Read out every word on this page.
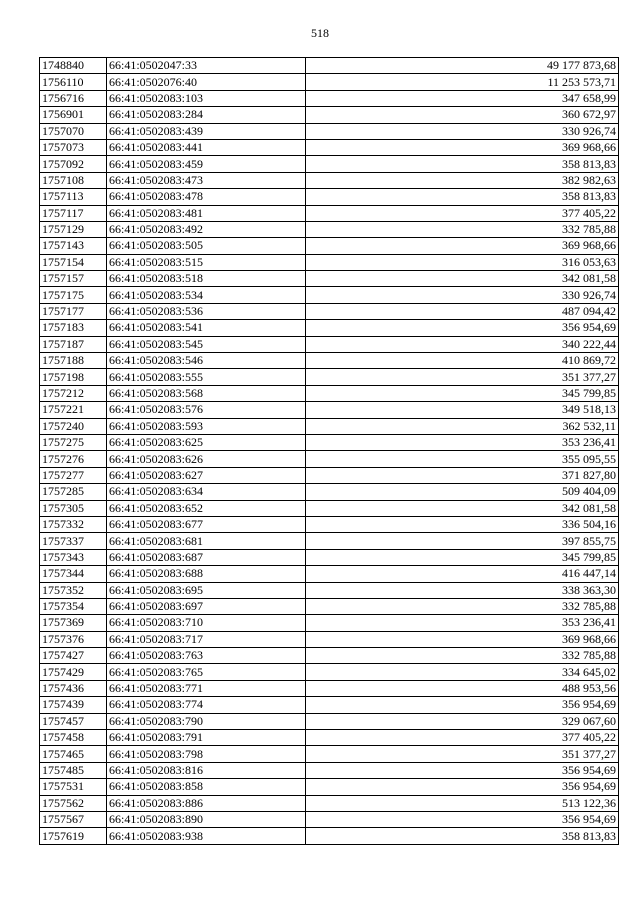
518
1748840	66:41:0502047:33	49 177 873,68
1756110	66:41:0502076:40	11 253 573,71
1756716	66:41:0502083:103	347 658,99
1756901	66:41:0502083:284	360 672,97
1757070	66:41:0502083:439	330 926,74
1757073	66:41:0502083:441	369 968,66
1757092	66:41:0502083:459	358 813,83
1757108	66:41:0502083:473	382 982,63
1757113	66:41:0502083:478	358 813,83
1757117	66:41:0502083:481	377 405,22
1757129	66:41:0502083:492	332 785,88
1757143	66:41:0502083:505	369 968,66
1757154	66:41:0502083:515	316 053,63
1757157	66:41:0502083:518	342 081,58
1757175	66:41:0502083:534	330 926,74
1757177	66:41:0502083:536	487 094,42
1757183	66:41:0502083:541	356 954,69
1757187	66:41:0502083:545	340 222,44
1757188	66:41:0502083:546	410 869,72
1757198	66:41:0502083:555	351 377,27
1757212	66:41:0502083:568	345 799,85
1757221	66:41:0502083:576	349 518,13
1757240	66:41:0502083:593	362 532,11
1757275	66:41:0502083:625	353 236,41
1757276	66:41:0502083:626	355 095,55
1757277	66:41:0502083:627	371 827,80
1757285	66:41:0502083:634	509 404,09
1757305	66:41:0502083:652	342 081,58
1757332	66:41:0502083:677	336 504,16
1757337	66:41:0502083:681	397 855,75
1757343	66:41:0502083:687	345 799,85
1757344	66:41:0502083:688	416 447,14
1757352	66:41:0502083:695	338 363,30
1757354	66:41:0502083:697	332 785,88
1757369	66:41:0502083:710	353 236,41
1757376	66:41:0502083:717	369 968,66
1757427	66:41:0502083:763	332 785,88
1757429	66:41:0502083:765	334 645,02
1757436	66:41:0502083:771	488 953,56
1757439	66:41:0502083:774	356 954,69
1757457	66:41:0502083:790	329 067,60
1757458	66:41:0502083:791	377 405,22
1757465	66:41:0502083:798	351 377,27
1757485	66:41:0502083:816	356 954,69
1757531	66:41:0502083:858	356 954,69
1757562	66:41:0502083:886	513 122,36
1757567	66:41:0502083:890	356 954,69
1757619	66:41:0502083:938	358 813,83
